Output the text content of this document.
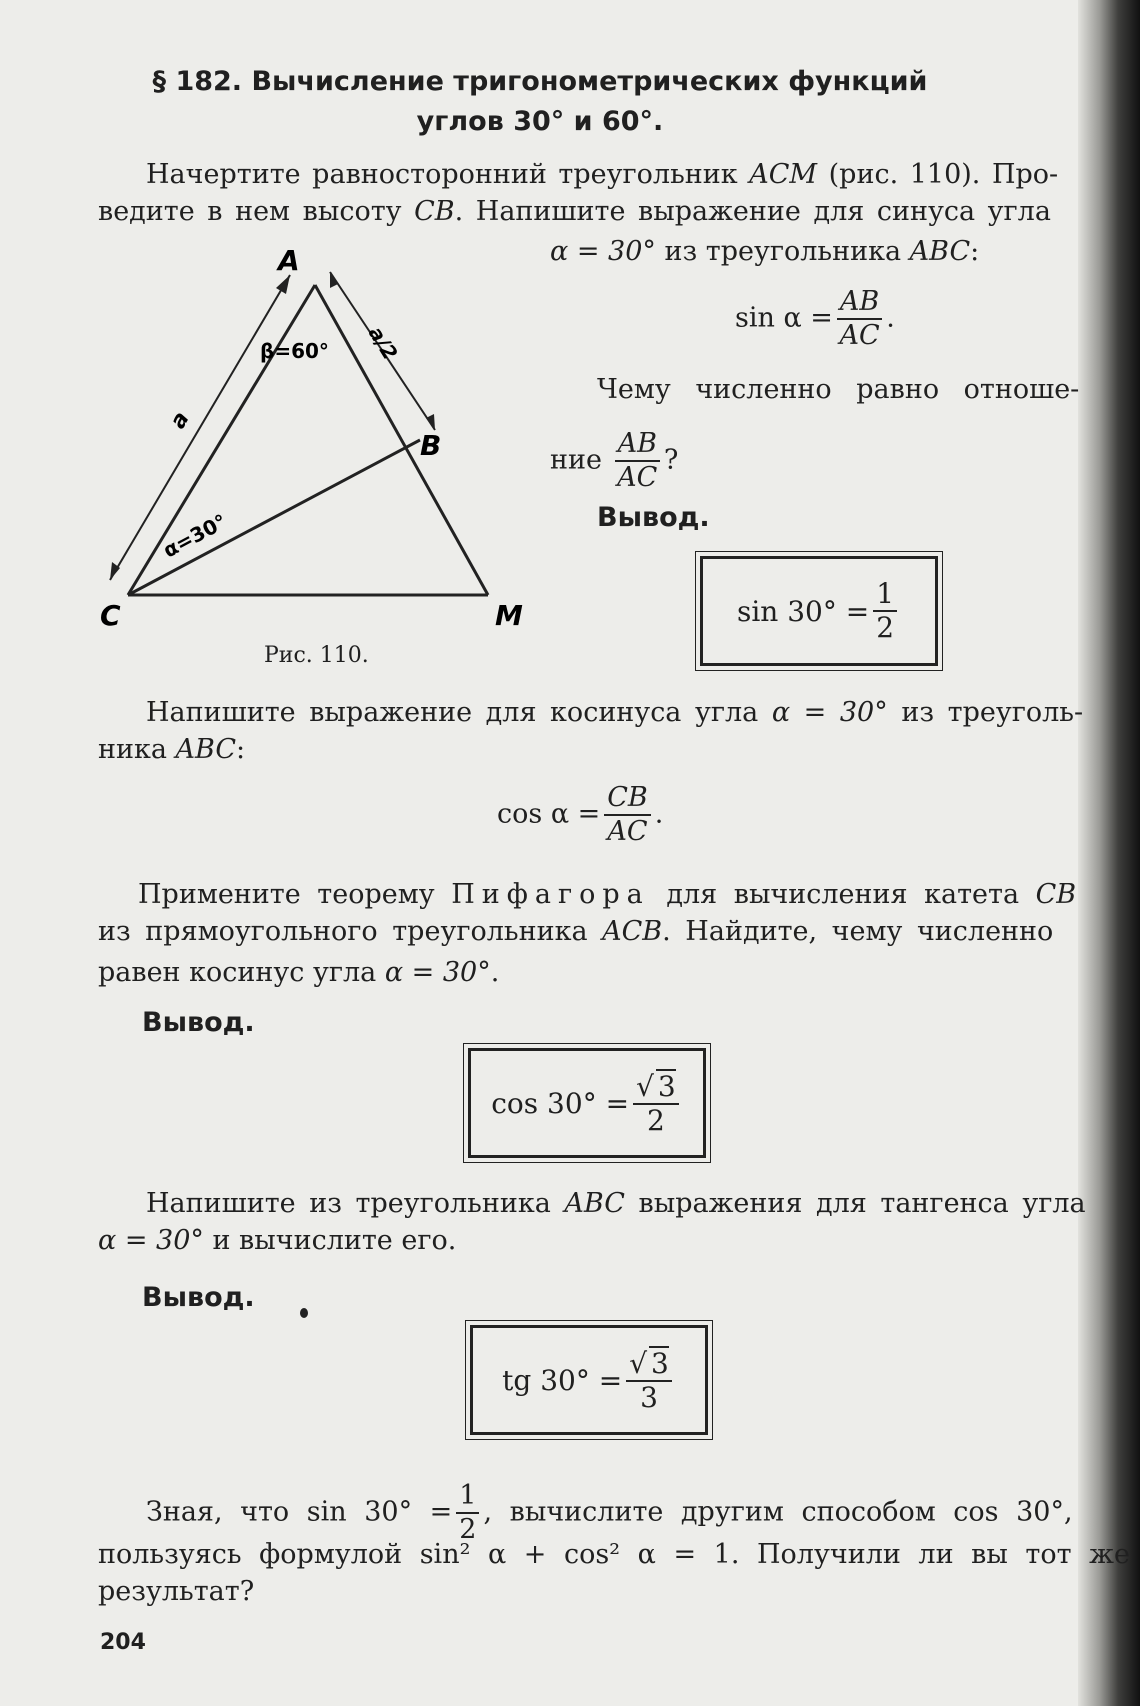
§ 182. Вычисление тригонометрических функций
углов 30° и 60°.
Начертите равносторонний треугольник ACM (рис. 110). Про-
ведите в нем высоту CB. Напишите выражение для синуса угла
α = 30° из треугольника ABC:
$\sin \alpha = \frac{AB}{AC}$ .
Чему численно равно отноше-
ние $\frac{AB}{AC}$ ?
Вывод.
$\sin 30^\circ = \frac{1}{2}$
A
B
C	M
β=60°
α=30°
a
a/2
Рис. 110.
Напишите выражение для косинуса угла α = 30° из треуголь-
ника ABC:
$\cos \alpha = \frac{CB}{AC}$ .
Примените теорему Пифагора для вычисления катета CB
из прямоугольного треугольника ACB. Найдите, чему численно
равен косинус угла α = 30°.
Вывод.
$\cos 30^\circ = \frac{√ 3}{2}$
Напишите из треугольника ABC выражения для тангенса угла
α = 30° и вычислите его.
Вывод.
tg $30^\circ = \frac{√ 3}{3}$
Зная, что $\sin 30^\circ = \frac{1}{2}$ , вычислите другим способом cos 30°,
пользуясь формулой sin² α + cos² α = 1. Получили ли вы тот же
результат?
204
